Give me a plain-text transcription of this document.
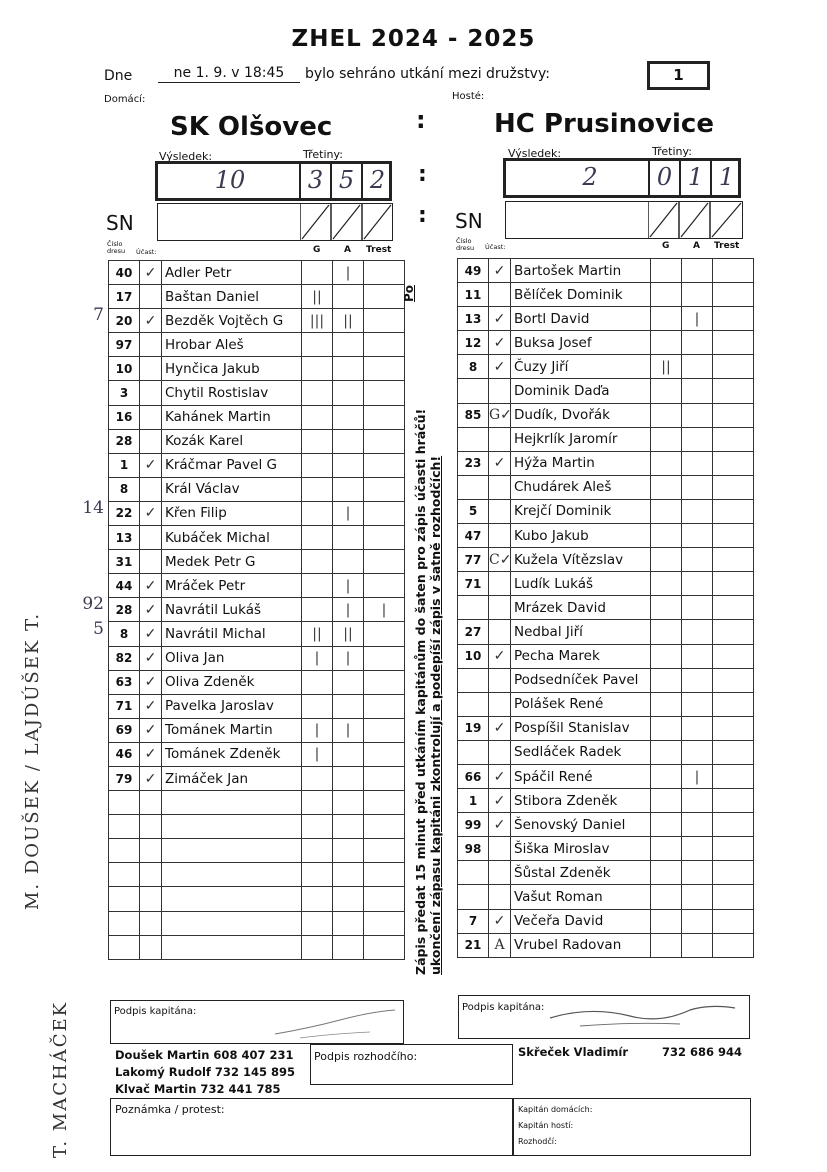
ZHEL 2024 - 2025
Dne	ne 1. 9. v 18:45	bylo sehráno utkání mezi družstvy:	1
Domácí:	Hosté:
SK Olšovec	:	HC Prusinovice
Výsledek:	Třetiny:
10	3 5 2
Výsledek:	Třetiny:
2	0 1 1
:
SN	: SN
Číslo dresu	Účast:	G	A Trest
Číslo dresu	Účast:	G	A Trest
40	✓	Adler Petr		|	
17		Baštan Daniel	||		
20	✓	Bezděk Vojtěch G	|||	||	
97		Hrobar Aleš			
10		Hynčica Jakub			
3		Chytil Rostislav			
16		Kahánek Martin			
28		Kozák Karel			
1	✓	Kráčmar Pavel G			
8		Král Václav			
22	✓	Křen Filip		|	
13		Kubáček Michal			
31		Medek Petr G			
44	✓	Mráček Petr		|	
28	✓	Navrátil Lukáš		|	|
8	✓	Navrátil Michal	||	||	
82	✓	Oliva Jan	|	|	
63	✓	Oliva Zdeněk			
71	✓	Pavelka Jaroslav			
69	✓	Tománek Martin	|	|	
46	✓	Tománek Zdeněk	|		
79	✓	Zimáček Jan			

49	✓	Bartošek Martin			
11		Bělíček Dominik			
13	✓	Bortl David		|	
12	✓	Buksa Josef			
8	✓	Čuzy Jiří	||		
		Dominik Daďa			
85	G✓	Dudík, Dvořák			
		Hejkrlík Jaromír			
23	✓	Hýža Martin			
		Chudárek Aleš			
5		Krejčí Dominik			
47		Kubo Jakub			
77	C✓	Kužela Vítězslav			
71		Ludík Lukáš			
		Mrázek David			
27		Nedbal Jiří			
10	✓	Pecha Marek			
		Podsedníček Pavel			
		Polášek René			
19	✓	Pospíšil Stanislav			
		Sedláček Radek			
66	✓	Spáčil René		|	
1	✓	Stibora Zdeněk			
99	✓	Šenovský Daniel			
98		Šiška Miroslav			
		Šůstal Zdeněk			
		Vašut Roman			
7	✓	Večeřa David			
21	A	Vrubel Radovan			
7
14
92
5
Po
Zápis předat 15 minut před utkáním kapitánům do šaten pro zápis účasti hráčů! ukončení zápasu kapitáni zkontrolují a podepíší zápis v šatně rozhodčích!
M. DOUŠEK / LAJDÚŠEK T.
T. MACHÁČEK	Podpis kapitána:	Podpis kapitána:
Doušek Martin 608 407 231
Lakomý Rudolf 732 145 895
Klvač Martin 732 441 785
Podpis rozhodčího:	Skřeček Vladimír	732 686 944
Poznámka / protest:	Kapitán domácích:
Kapitán hostí:
Rozhodčí:
